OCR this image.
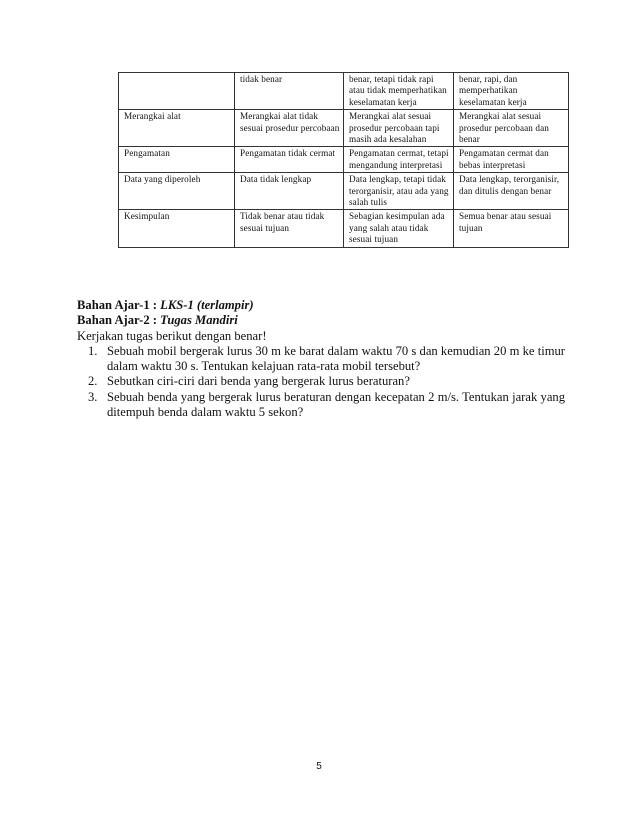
	tidak benar	benar, tetapi tidak rapi atau tidak memperhatikan keselamatan kerja	benar, rapi, dan memperhatikan keselamatan kerja
Merangkai alat	Merangkai alat tidak sesuai prosedur percobaan	Merangkai alat sesuai prosedur percobaan tapi masih ada kesalahan	Merangkai alat sesuai prosedur percobaan dan benar
Pengamatan	Pengamatan tidak cermat	Pengamatan cermat, tetapi mengandung interpretasi	Pengamatan cermat dan bebas interpretasi
Data yang diperoleh	Data tidak lengkap	Data lengkap, tetapi tidak terorganisir, atau ada yang salah tulis	Data lengkap, terorganisir, dan ditulis dengan benar
Kesimpulan	Tidak benar atau tidak sesuai tujuan	Sebagian kesimpulan ada yang salah atau tidak sesuai tujuan	Semua benar atau sesuai tujuan

Bahan Ajar-1 : LKS-1 (terlampir)

Bahan Ajar-2 : Tugas Mandiri

Kerjakan tugas berikut dengan benar!

1. Sebuah mobil bergerak lurus 30 m ke barat dalam waktu 70 s dan kemudian 20 m ke timur dalam waktu 30 s. Tentukan kelajuan rata-rata mobil tersebut?
2. Sebutkan ciri-ciri dari benda yang bergerak lurus beraturan?
3. Sebuah benda yang bergerak lurus beraturan dengan kecepatan 2 m/s. Tentukan jarak yang ditempuh benda dalam waktu 5 sekon?
5
